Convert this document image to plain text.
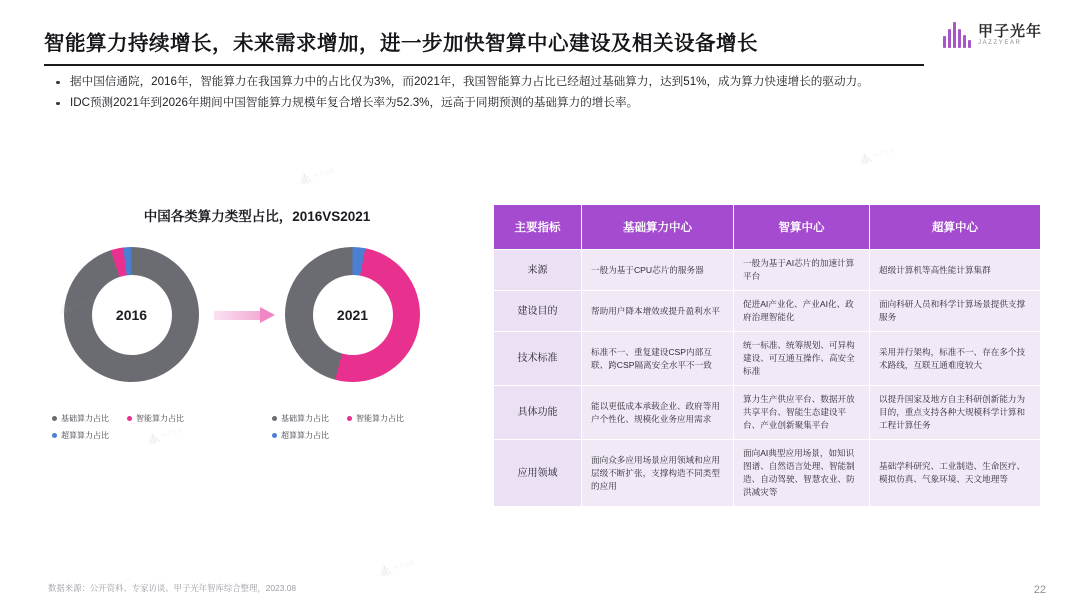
智能算力持续增长，未来需求增加，进一步加快智算中心建设及相关设备增长
甲子光年
JAZZYEAR
据中国信通院，2016年，智能算力在我国算力中的占比仅为3%，而2021年，我国智能算力占比已经超过基础算力，达到51%，成为算力快速增长的驱动力。
IDC预测2021年到2026年期间中国智能算力规模年复合增长率为52.3%，远高于同期预测的基础算力的增长率。
中国各类算力类型占比，2016VS2021
2016	2021
基础算力占比	智能算力占比
超算算力占比
基础算力占比	智能算力占比
超算算力占比
主要指标	基础算力中心	智算中心	超算中心
来源	一般为基于CPU芯片的服务器	一般为基于AI芯片的加速计算平台	超级计算机等高性能计算集群
建设目的	帮助用户降本增效或提升盈利水平	促进AI产业化、产业AI化、政府治理智能化	面向科研人员和科学计算场景提供支撑服务
技术标准	标准不一、重复建设CSP内部互联、跨CSP隔离安全水平不一致	统一标准、统筹规划、可异构建设、可互通互操作、高安全标准	采用并行架构，标准不一、存在多个技术路线，互联互通难度较大
具体功能	能以更低成本承载企业、政府等用户个性化、规模化业务应用需求	算力生产供应平台、数据开放共享平台、智能生态建设平台、产业创新聚集平台	以提升国家及地方自主科研创新能力为目的，重点支持各种大规模科学计算和工程计算任务
应用领域	面向众多应用场景应用领域和应用层级不断扩张，支撑构造不同类型的应用	面向AI典型应用场景，如知识图谱、自然语言处理、智能制造、自动驾驶、智慧农业、防洪减灾等	基础学科研究、工业制造、生命医疗、模拟仿真、气象环境、天文地理等
甲子光年
甲子光年
甲子光年
甲子光年
数据来源：公开资料、专家访谈、甲子光年智库综合整理，2023.08	22
